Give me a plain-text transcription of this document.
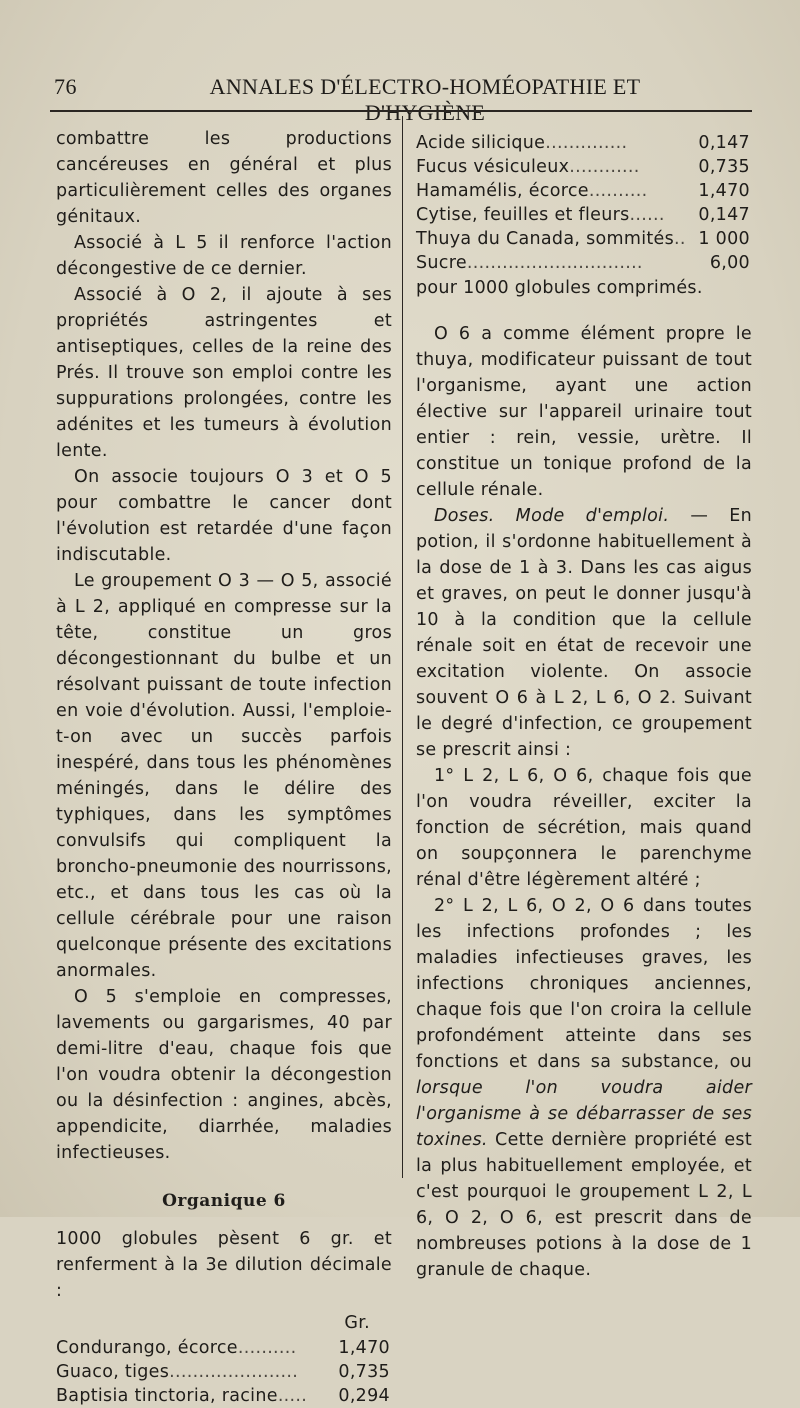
76	ANNALES D'ÉLECTRO-HOMÉOPATHIE ET D'HYGIÈNE

combattre les productions cancéreuses en général et plus particulièrement celles des organes génitaux.

Associé à L 5 il renforce l'action décongestive de ce dernier.

Associé à O 2, il ajoute à ses propriétés astringentes et antiseptiques, celles de la reine des Prés. Il trouve son emploi contre les suppurations prolongées, contre les adénites et les tumeurs à évolution lente.

On associe toujours O 3 et O 5 pour combattre le cancer dont l'évolution est retardée d'une façon indiscutable.

Le groupement O 3 — O 5, associé à L 2, appliqué en compresse sur la tête, constitue un gros décongestionnant du bulbe et un résolvant puissant de toute infection en voie d'évolution. Aussi, l'emploie-t-on avec un succès parfois inespéré, dans tous les phénomènes méningés, dans le délire des typhiques, dans les symptômes convulsifs qui compliquent la broncho-pneumonie des nourrissons, etc., et dans tous les cas où la cellule cérébrale pour une raison quelconque présente des excitations anormales.

O 5 s'emploie en compresses, lavements ou gargarismes, 40 par demi-litre d'eau, chaque fois que l'on voudra obtenir la décongestion ou la désinfection : angines, abcès, appendicite, diarrhée, maladies infectieuses.

Organique 6

1000 globules pèsent 6 gr. et renferment à la 3e dilution décimale :

Gr.
Condurango, écorce..........	1,470
Guaco, tiges......................	0,735
Baptisia tinctoria, racine.....	0,294
Acide silicique..............	0,147
Fucus vésiculeux............	0,735
Hamamélis, écorce..........	1,470
Cytise, feuilles et fleurs......	0,147
Thuya du Canada, sommités..	1 000
Sucre..............................	6,00

pour 1000 globules comprimés.

O 6 a comme élément propre le thuya, modificateur puissant de tout l'organisme, ayant une action élective sur l'appareil urinaire tout entier : rein, vessie, urètre. Il constitue un tonique profond de la cellule rénale.

Doses. Mode d'emploi. — En potion, il s'ordonne habituellement à la dose de 1 à 3. Dans les cas aigus et graves, on peut le donner jusqu'à 10 à la condition que la cellule rénale soit en état de recevoir une excitation violente. On associe souvent O 6 à L 2, L 6, O 2. Suivant le degré d'infection, ce groupement se prescrit ainsi :

1° L 2, L 6, O 6, chaque fois que l'on voudra réveiller, exciter la fonction de sécrétion, mais quand on soupçonnera le parenchyme rénal d'être légèrement altéré ;

2° L 2, L 6, O 2, O 6 dans toutes les infections profondes ; les maladies infectieuses graves, les infections chroniques anciennes, chaque fois que l'on croira la cellule profondément atteinte dans ses fonctions et dans sa substance, ou lorsque l'on voudra aider l'organisme à se débarrasser de ses toxines. Cette dernière propriété est la plus habituellement employée, et c'est pourquoi le groupement L 2, L 6, O 2, O 6, est prescrit dans de nombreuses potions à la dose de 1 granule de chaque.
